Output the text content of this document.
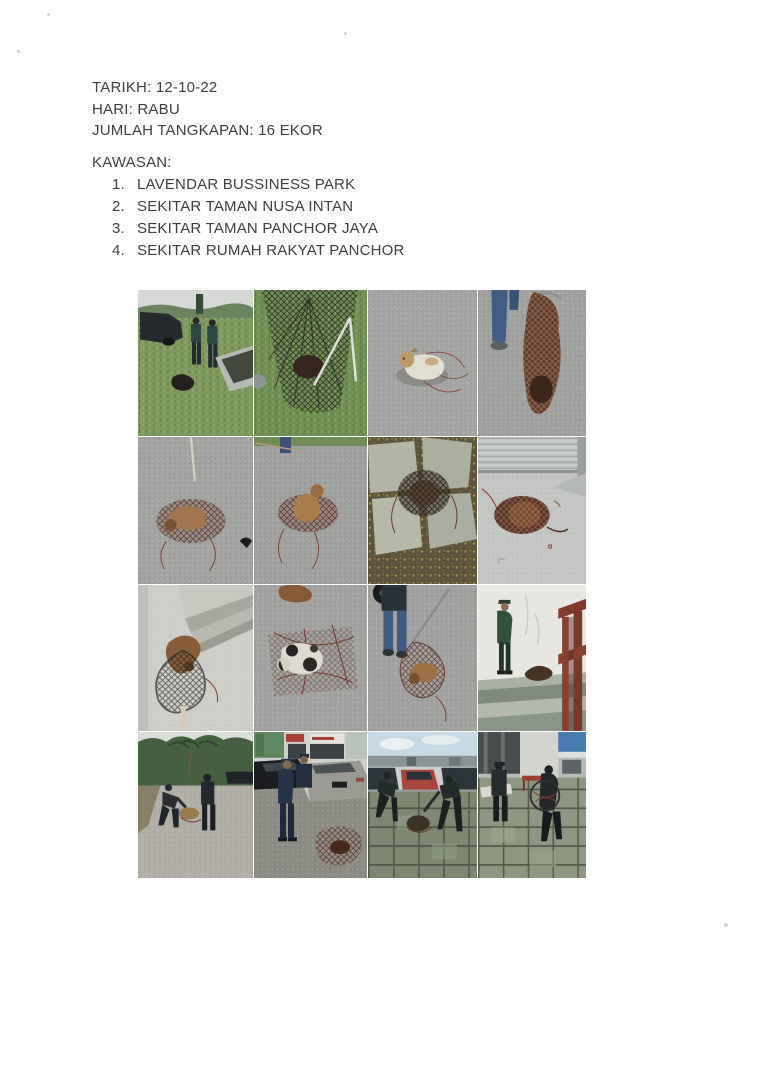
TARIKH: 12-10-22
HARI: RABU
JUMLAH TANGKAPAN: 16 EKOR
KAWASAN:
1. LAVENDAR BUSSINESS PARK
2. SEKITAR TAMAN NUSA INTAN
3. SEKITAR TAMAN PANCHOR JAYA
4. SEKITAR RUMAH RAKYAT PANCHOR
